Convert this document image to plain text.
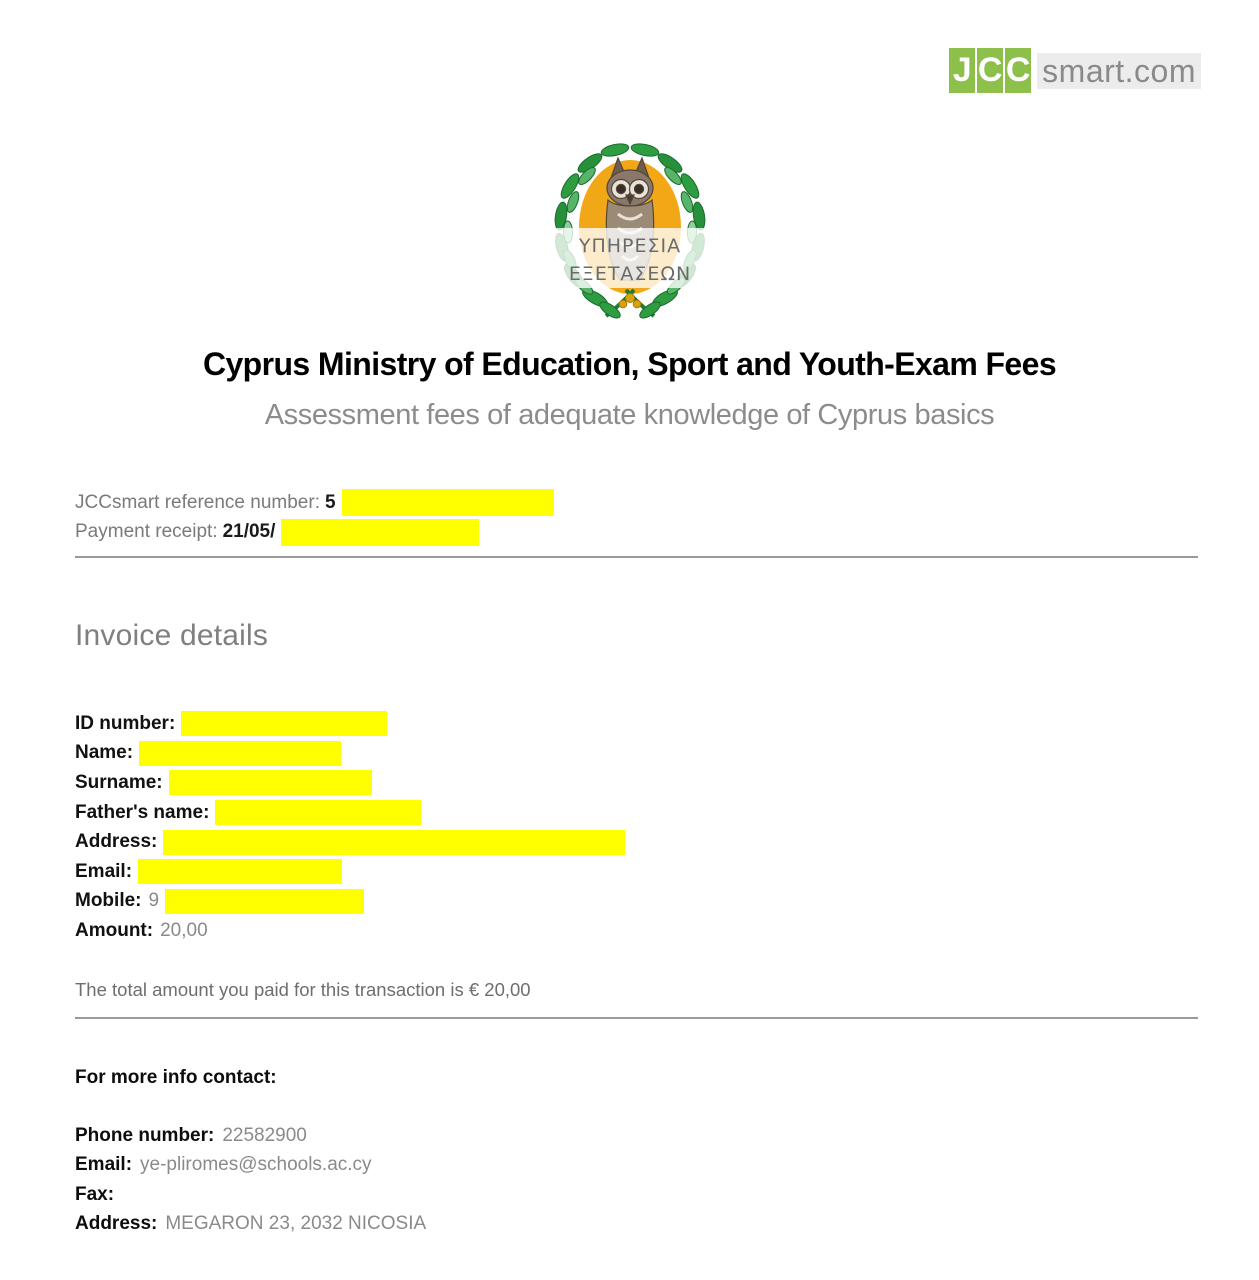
J C C smart.com
ΥΠΗΡΕΣΙΑ
ΕΞΕΤΑΣΕΩΝ
Cyprus Ministry of Education, Sport and Youth-Exam Fees
Assessment fees of adequate knowledge of Cyprus basics
JCCsmart reference number: 5
Payment receipt: 21/05/
Invoice details
ID number:
Name:
Surname:
Father's name:
Address:
Email:
Mobile: 9
Amount: 20,00
The total amount you paid for this transaction is € 20,00
For more info contact:
Phone number: 22582900
Email: ye-pliromes@schools.ac.cy
Fax:
Address: MEGARON 23, 2032 NICOSIA
